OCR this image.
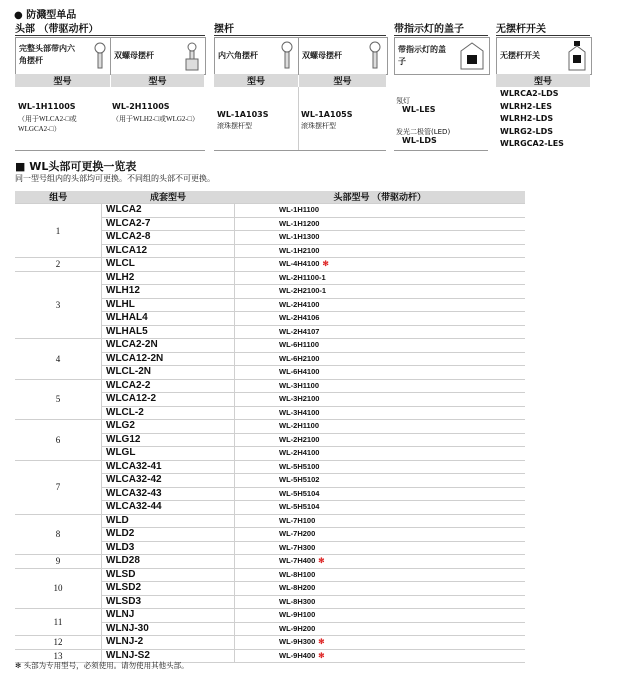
● 防濺型单品
头部 （带驱动杆）
完整头部带内六角摆杆
双螺母摆杆
型号	型号
WL-1H1100S
（用于WLCA2-□或WLGCA2-□）
WL-2H1100S
（用于WLH2-□或WLG2-□）
摆杆
内六角摆杆	双螺母摆杆
型号	型号
WL-1A103S
滚珠摆杆型
WL-1A105S
滚珠摆杆型
带指示灯的盖子
带指示灯的盖子
氖灯
WL-LES
发光二极管(LED)
WL-LDS
无摆杆开关
无摆杆开关
型号
WLRCA2-LDS
WLRH2-LES
WLRH2-LDS
WLRG2-LDS
WLRGCA2-LES
■ WL头部可更换一览表
同一型号组内的头部均可更换。不同组的头部不可更换。
组号	成套型号	头部型号 （带驱动杆）
1	WLCA2	WL-1H1100
	WLCA2-7	WL-1H1200
	WLCA2-8	WL-1H1300
	WLCA12	WL-1H2100
2	WLCL	WL-4H4100 ✻
3	WLH2	WL-2H1100-1
	WLH12	WL-2H2100-1
	WLHL	WL-2H4100
	WLHAL4	WL-2H4106
	WLHAL5	WL-2H4107
4	WLCA2-2N	WL-6H1100
	WLCA12-2N	WL-6H2100
	WLCL-2N	WL-6H4100
5	WLCA2-2	WL-3H1100
	WLCA12-2	WL-3H2100
	WLCL-2	WL-3H4100
6	WLG2	WL-2H1100
	WLG12	WL-2H2100
	WLGL	WL-2H4100
7	WLCA32-41	WL-5H5100
	WLCA32-42	WL-5H5102
	WLCA32-43	WL-5H5104
	WLCA32-44	WL-5H5104
8	WLD	WL-7H100
	WLD2	WL-7H200
	WLD3	WL-7H300
9	WLD28	WL-7H400 ✻
10	WLSD	WL-8H100
	WLSD2	WL-8H200
	WLSD3	WL-8H300
11	WLNJ	WL-9H100
	WLNJ-30	WL-9H200
12	WLNJ-2	WL-9H300 ✻
13	WLNJ-S2	WL-9H400 ✻
✻ 头部为专用型号，必须使用。请勿使用其他头部。
